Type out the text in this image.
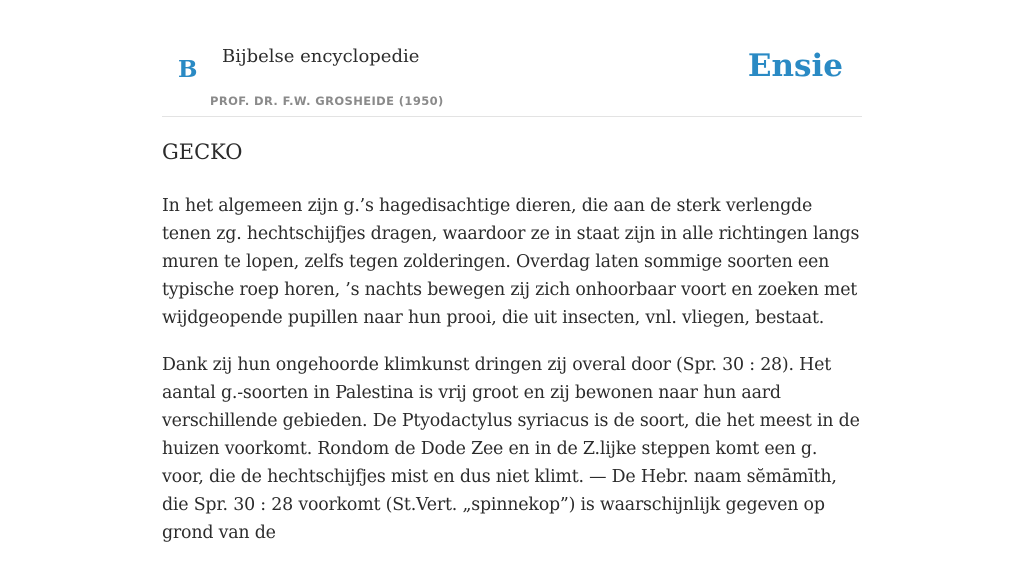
B Bijbelse encyclopedie
PROF. DR. F.W. GROSHEIDE (1950)
Ensie
GECKO

In het algemeen zijn g.’s hagedisachtige dieren, die aan de sterk verlengde tenen zg. hechtschijfjes dragen, waardoor ze in staat zijn in alle richtingen langs muren te lopen, zelfs tegen zolderingen. Overdag laten sommige soorten een typische roep horen, ’s nachts bewegen zij zich onhoorbaar voort en zoeken met wijdgeopende pupillen naar hun prooi, die uit insecten, vnl. vliegen, bestaat.

Dank zij hun ongehoorde klimkunst dringen zij overal door (Spr. 30 : 28). Het aantal g.-soorten in Palestina is vrij groot en zij bewonen naar hun aard verschillende gebieden. De Ptyodactylus syriacus is de soort, die het meest in de huizen voorkomt. Rondom de Dode Zee en in de Z.lijke steppen komt een g. voor, die de hechtschijfjes mist en dus niet klimt. — De Hebr. naam sĕmāmīth, die Spr. 30 : 28 voorkomt (St.Vert. „spinnekop”) is waarschijnlijk gegeven op grond van de
